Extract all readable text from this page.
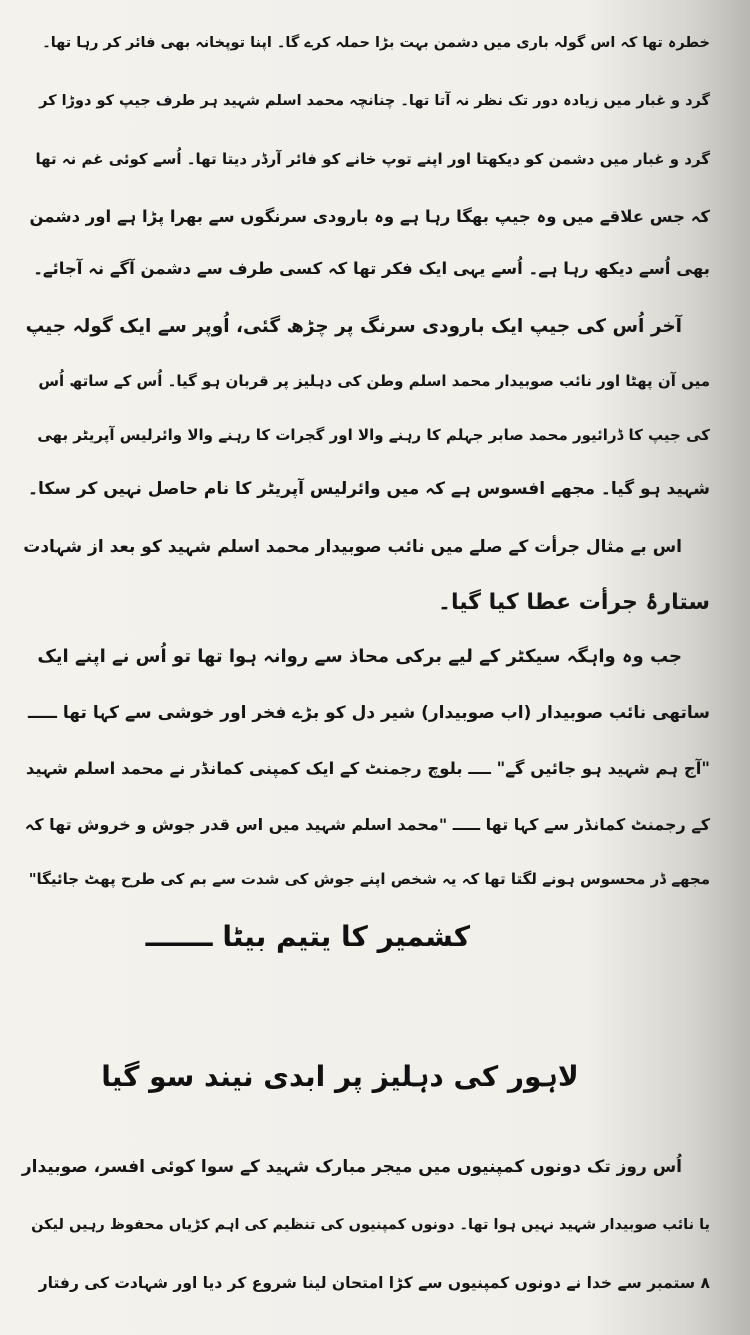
خطرہ تھا کہ اس گولہ باری میں دشمن بہت بڑا حملہ کرے گا۔ اپنا توپخانہ بھی فائر کر رہا تھا۔
گرد و غبار میں زیادہ دور تک نظر نہ آتا تھا۔ چنانچہ محمد اسلم شہید ہر طرف جیپ کو دوڑا کر
گرد و غبار میں دشمن کو دیکھتا اور اپنے توپ خانے کو فائر آرڈر دیتا تھا۔ اُسے کوئی غم نہ تھا
کہ جس علاقے میں وہ جیپ بھگا رہا ہے وہ بارودی سرنگوں سے بھرا پڑا ہے اور دشمن
بھی اُسے دیکھ رہا ہے۔ اُسے یہی ایک فکر تھا کہ کسی طرف سے دشمن آگے نہ آجائے۔
آخر اُس کی جیپ ایک بارودی سرنگ پر چڑھ گئی، اُوپر سے ایک گولہ جیپ
میں آن پھٹا اور نائب صوبیدار محمد اسلم وطن کی دہلیز پر قربان ہو گیا۔ اُس کے ساتھ اُس
کی جیپ کا ڈرائیور محمد صابر جہلم کا رہنے والا اور گجرات کا رہنے والا وائرلیس آپریٹر بھی
شہید ہو گیا۔ مجھے افسوس ہے کہ میں وائرلیس آپریٹر کا نام حاصل نہیں کر سکا۔
اس بے مثال جرأت کے صلے میں نائب صوبیدار محمد اسلم شہید کو بعد از شہادت
ستارۂ جرأت عطا کیا گیا۔
جب وہ واہگہ سیکٹر کے لیے برکی محاذ سے روانہ ہوا تھا تو اُس نے اپنے ایک
ساتھی نائب صوبیدار (اب صوبیدار) شیر دل کو بڑے فخر اور خوشی سے کہا تھا ـــــ
"آج ہم شہید ہو جائیں گے" ــــ بلوچ رجمنٹ کے ایک کمپنی کمانڈر نے محمد اسلم شہید
کے رجمنٹ کمانڈر سے کہا تھا ـــــ "محمد اسلم شہید میں اس قدر جوش و خروش تھا کہ
مجھے ڈر محسوس ہونے لگتا تھا کہ یہ شخص اپنے جوش کی شدت سے بم کی طرح پھٹ جائیگا"
کشمیر کا یتیم بیٹا ـــــــ
لاہور کی دہلیز پر ابدی نیند سو گیا
اُس روز تک دونوں کمپنیوں میں میجر مبارک شہید کے سوا کوئی افسر، صوبیدار
یا نائب صوبیدار شہید نہیں ہوا تھا۔ دونوں کمپنیوں کی تنظیم کی اہم کڑیاں محفوظ رہیں لیکن
۸ ستمبر سے خدا نے دونوں کمپنیوں سے کڑا امتحان لینا شروع کر دیا اور شہادت کی رفتار
